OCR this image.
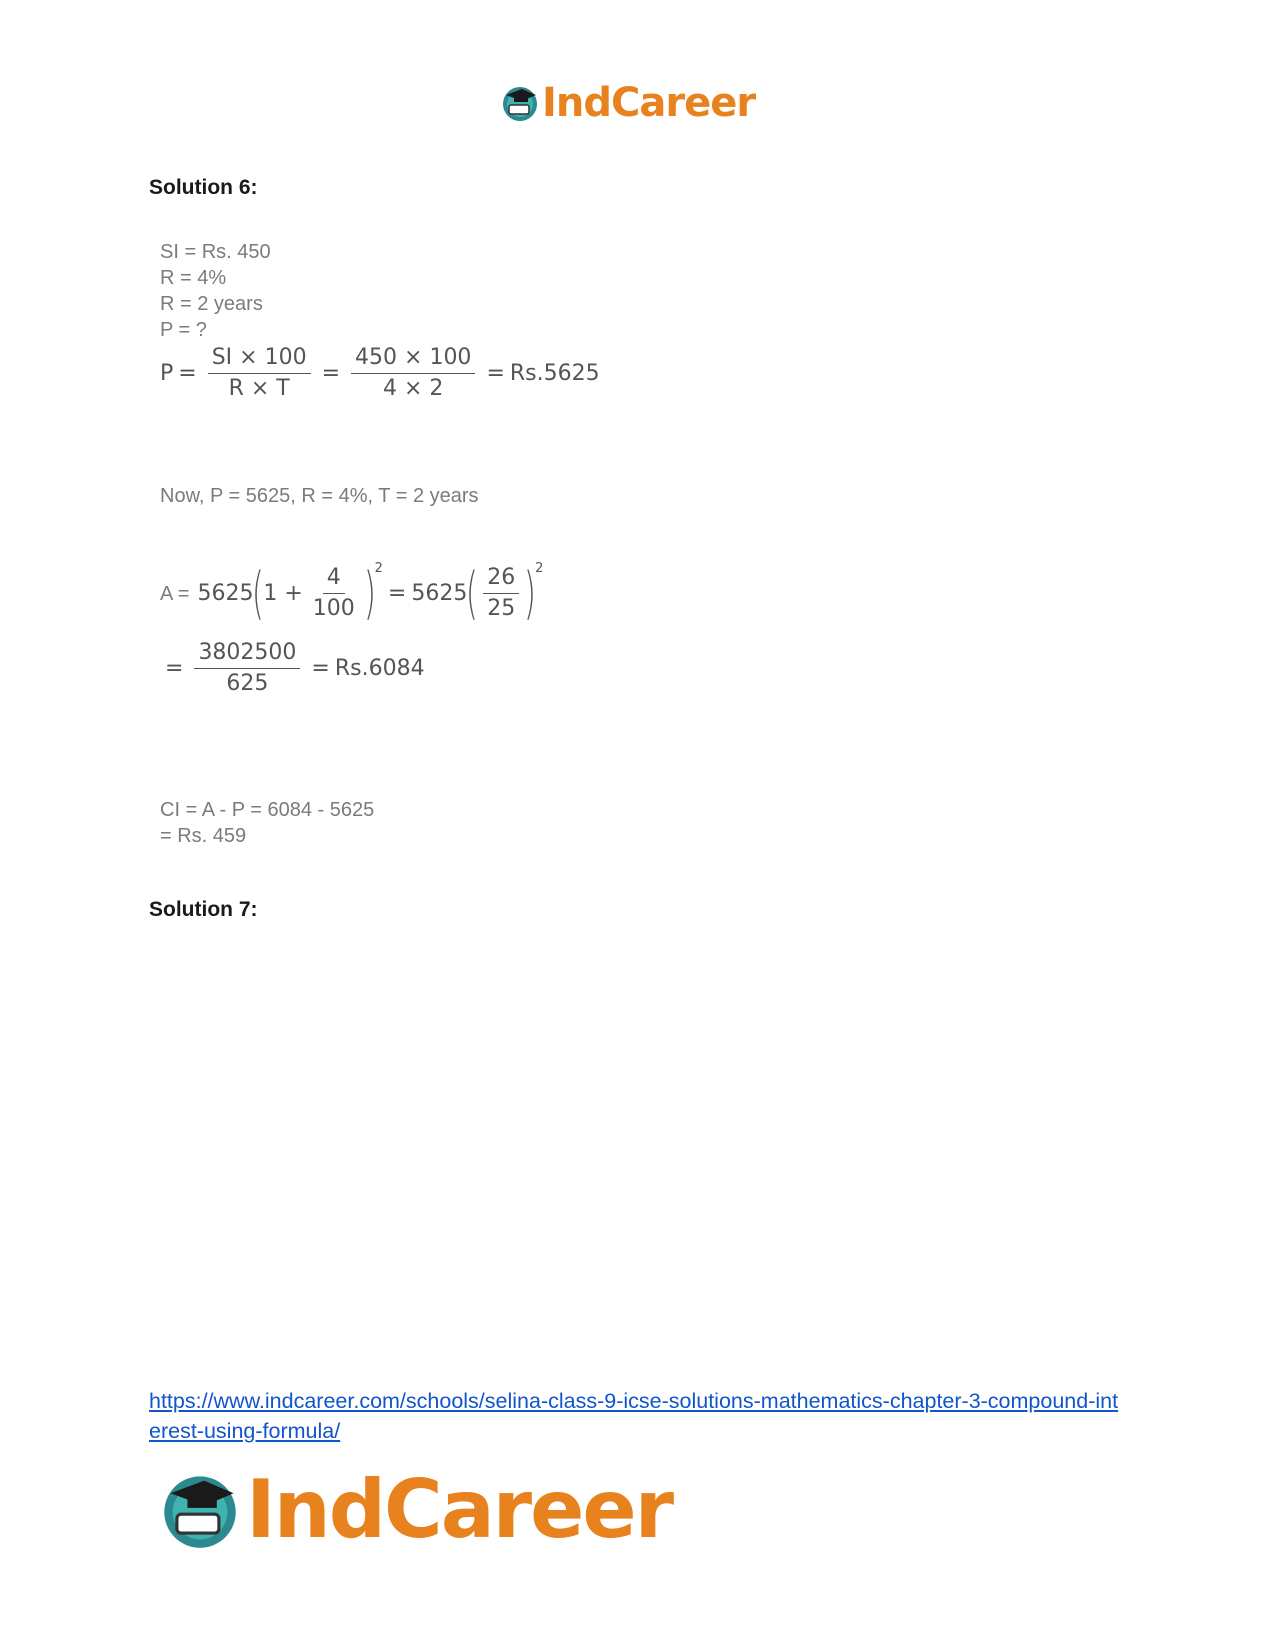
IndCareer
Solution 6:
SI = Rs. 450
R = 4%
R = 2 years
P = ?
$P = \frac{SI \times 100}{R \times T} = \frac{450 \times 100}{4 \times 2} = Rs.5625$
Now, P = 5625, R = 4%, T = 2 years
A = 5625
(
$1 + \frac{4}{100}$ )
2
= 5625
( $\frac{26}{25}$ )
2
= $\frac{3802500}{625} = Rs.6084$
CI = A - P = 6084 - 5625
= Rs. 459
Solution 7:
https://www.indcareer.com/schools/selina-class-9-icse-solutions-mathematics-chapter-3-compound-interest-using-formula/
IndCareer
